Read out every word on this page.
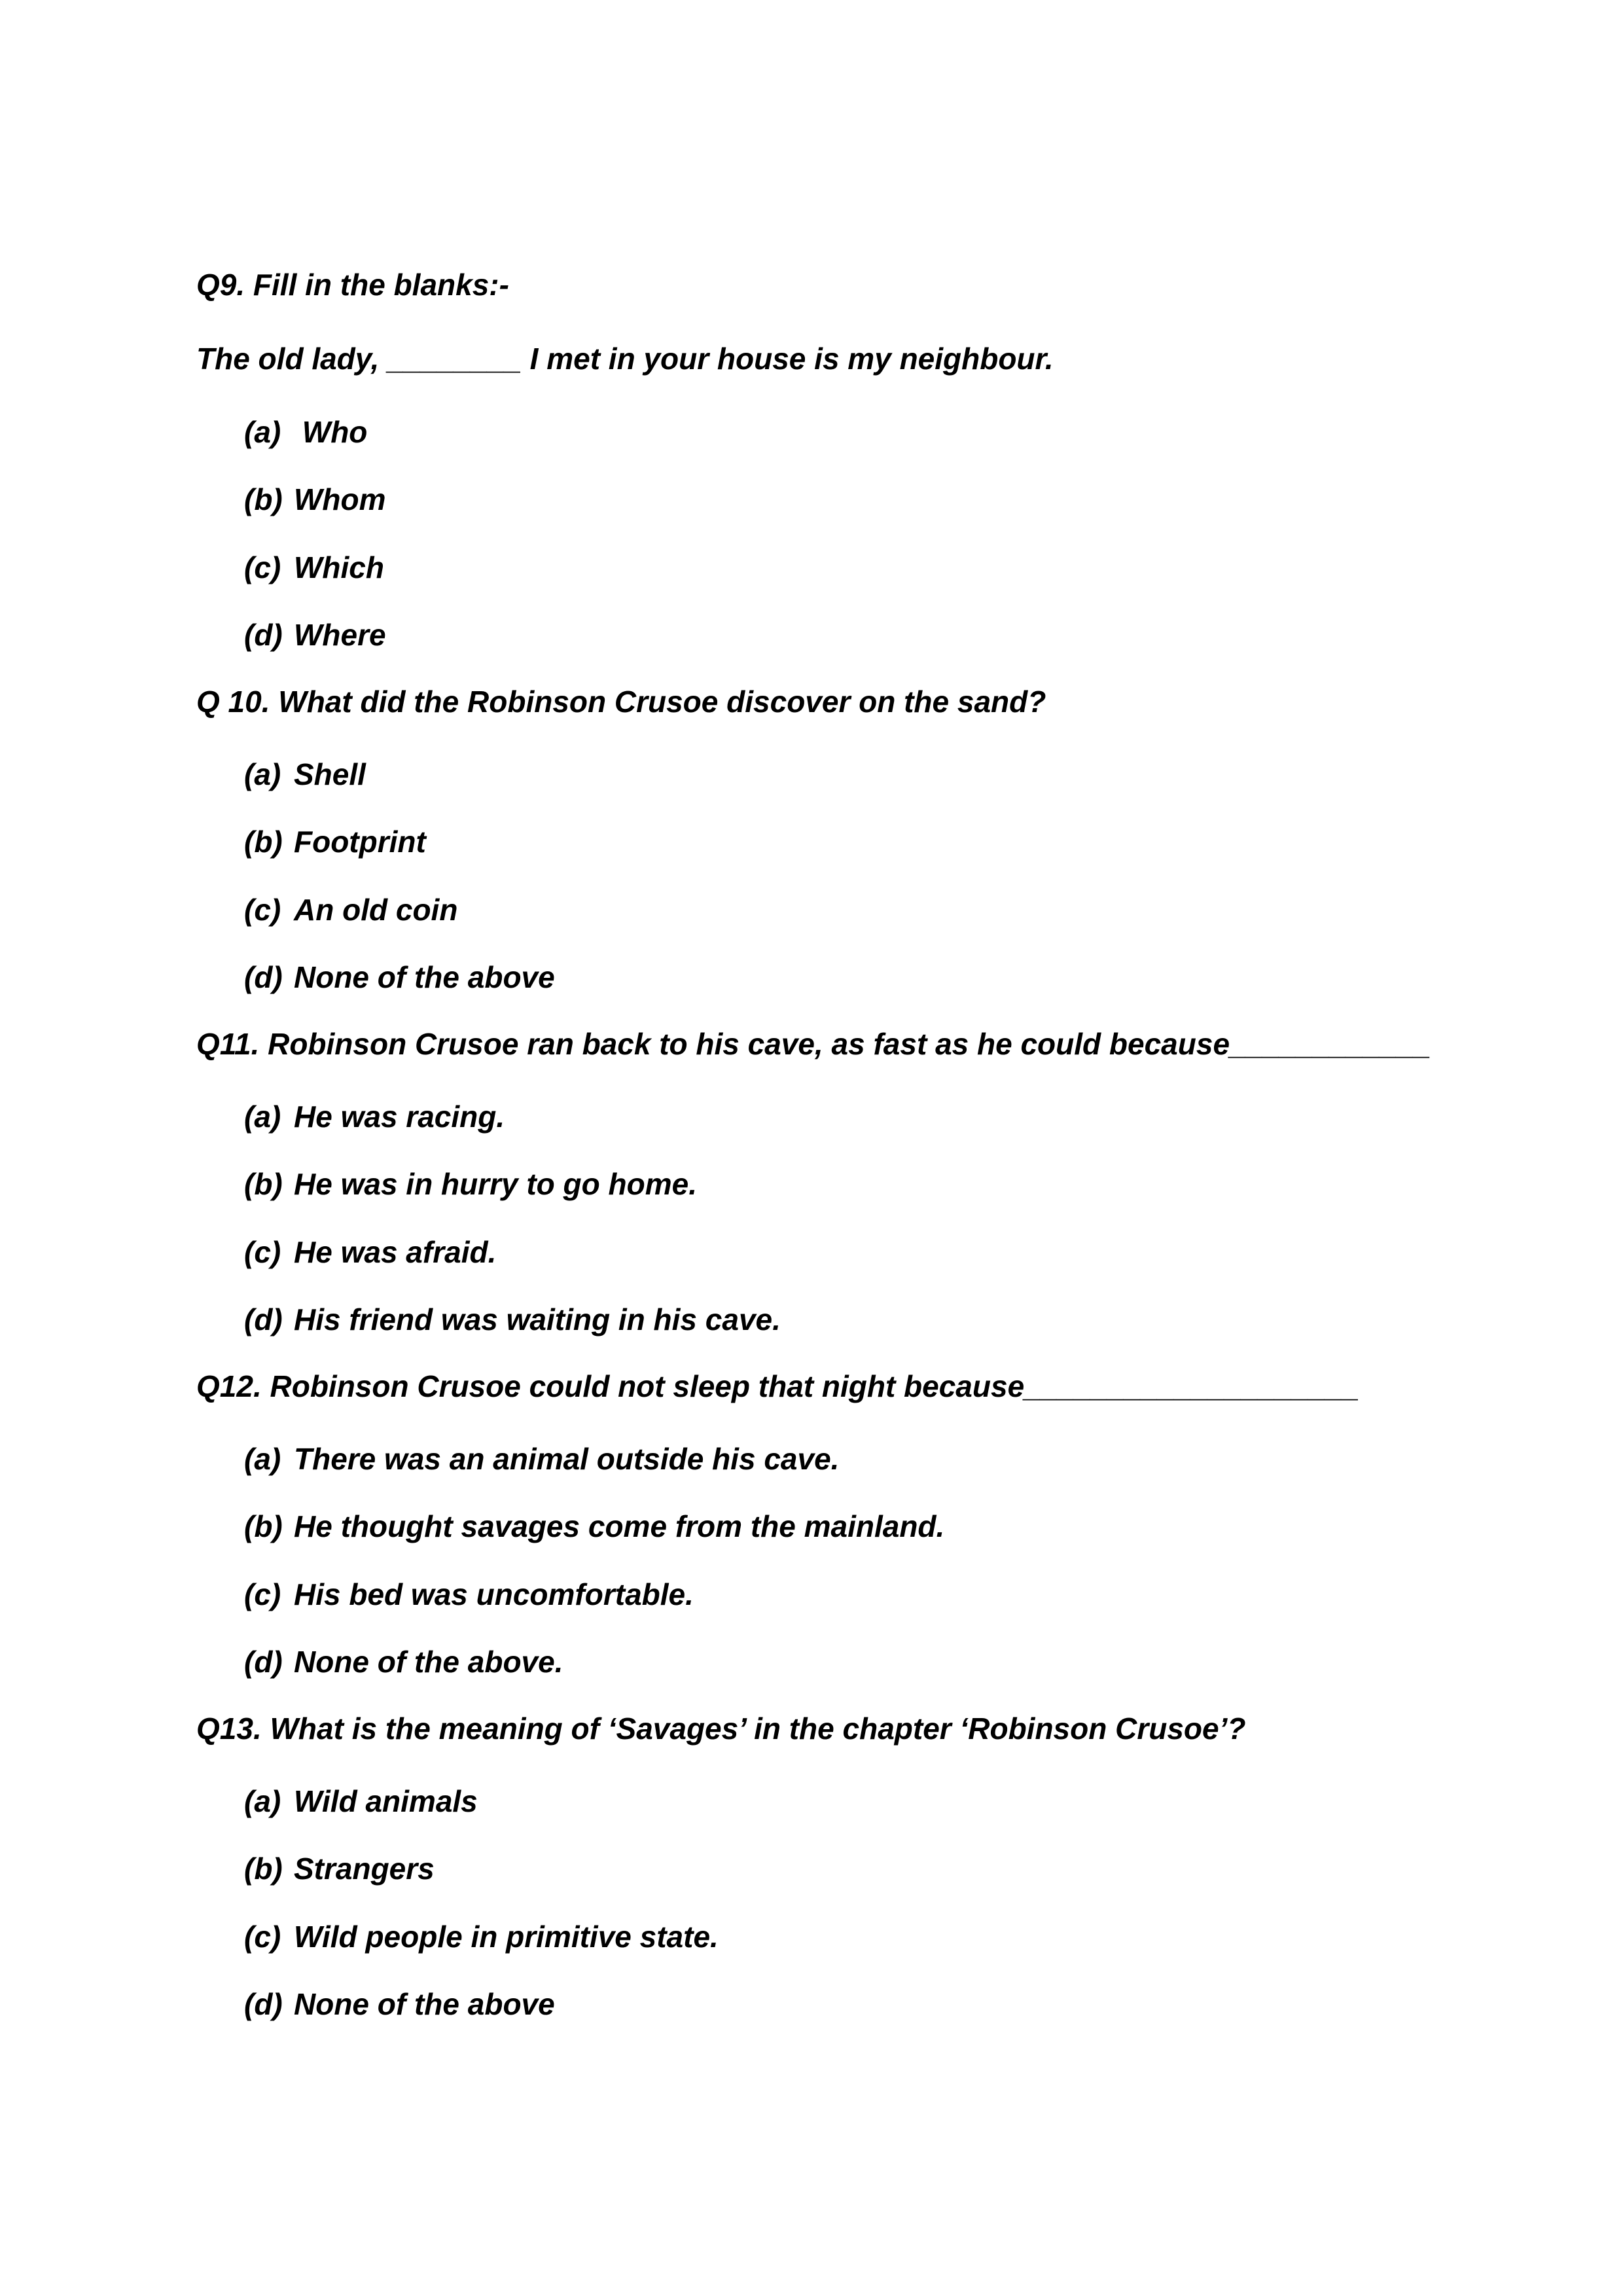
Q9. Fill in the blanks:-
The old lady, ________ I met in your house is my neighbour.
(a) Who
(b) Whom
(c) Which
(d) Where
Q 10. What did the Robinson Crusoe discover on the sand?
(a) Shell
(b) Footprint
(c) An old coin
(d) None of the above
Q11. Robinson Crusoe ran back to his cave, as fast as he could because____________
(a) He was racing.
(b) He was in hurry to go home.
(c) He was afraid.
(d) His friend was waiting in his cave.
Q12. Robinson Crusoe could not sleep that night because____________________
(a) There was an animal outside his cave.
(b) He thought savages come from the mainland.
(c) His bed was uncomfortable.
(d) None of the above.
Q13. What is the meaning of ‘Savages’ in the chapter ‘Robinson Crusoe’?
(a) Wild animals
(b) Strangers
(c) Wild people in primitive state.
(d) None of the above
